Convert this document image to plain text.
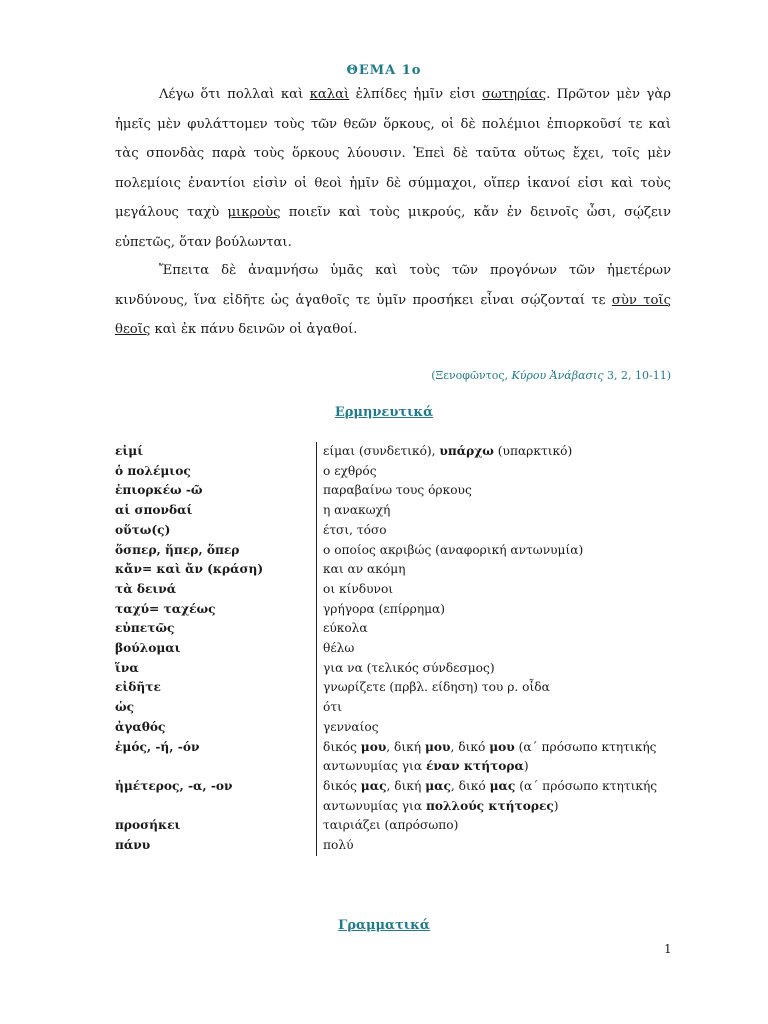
ΘΕΜΑ 1ο

Λέγω ὅτι πολλαὶ καὶ καλαὶ ἐλπίδες ἡμῖν εἰσι σωτηρίας. Πρῶτον μὲν γὰρ ἡμεῖς μὲν φυλάττομεν τοὺς τῶν θεῶν ὅρκους, οἱ δὲ πολέμιοι ἐπιορκοῦσί τε καὶ τὰς σπονδὰς παρὰ τοὺς ὅρκους λύουσιν. Ἐπεὶ δὲ ταῦτα οὕτως ἔχει, τοῖς μὲν πολεμίοις ἐναντίοι εἰσὶν οἱ θεοὶ ἡμῖν δὲ σύμμαχοι, οἵπερ ἱκανοί εἰσι καὶ τοὺς μεγάλους ταχὺ μικροὺς ποιεῖν καὶ τοὺς μικρούς, κἄν ἐν δεινοῖς ὦσι, σῴζειν εὐπετῶς, ὅταν βούλωνται.

Ἔπειτα δὲ ἀναμνήσω ὑμᾶς καὶ τοὺς τῶν προγόνων τῶν ἡμετέρων κινδύνους, ἵνα εἰδῆτε ὡς ἀγαθοῖς τε ὑμῖν προσήκει εἶναι σῴζονταί τε σὺν τοῖς θεοῖς καὶ ἐκ πάνυ δεινῶν οἱ ἀγαθοί.

(Ξενοφῶντος, Κύρου Ἀνάβασις 3, 2, 10-11)
Ερμηνευτικά
εἰμί	είμαι (συνδετικό), υπάρχω (υπαρκτικό)
ὁ πολέμιος	ο εχθρός
ἐπιορκέω -ῶ	παραβαίνω τους όρκους
αἱ σπονδαί	η ανακωχή
οὕτω(ς)	έτσι, τόσο
ὅσπερ, ἥπερ, ὅπερ	ο οποίος ακριβώς (αναφορική αντωνυμία)
κἄν= καὶ ἄν (κράση)	και αν ακόμη
τὰ δεινά	οι κίνδυνοι
ταχύ= ταχέως	γρήγορα (επίρρημα)
εὐπετῶς	εύκολα
βούλομαι	θέλω
ἵνα	για να (τελικός σύνδεσμος)
εἰδῆτε	γνωρίζετε (πρβλ. είδηση) του ρ. οἶδα
ὡς	ότι
ἀγαθός	γενναίος
ἐμός, -ή, -όν	δικός μου, δική μου, δικό μου (α΄ πρόσωπο κτητικής αντωνυμίας για έναν κτήτορα)
ἡμέτερος, -α, -ον	δικός μας, δική μας, δικό μας (α΄ πρόσωπο κτητικής αντωνυμίας για πολλούς κτήτορες)
προσήκει	ταιριάζει (απρόσωπο)
πάνυ	πολύ
Γραμματικά
1
